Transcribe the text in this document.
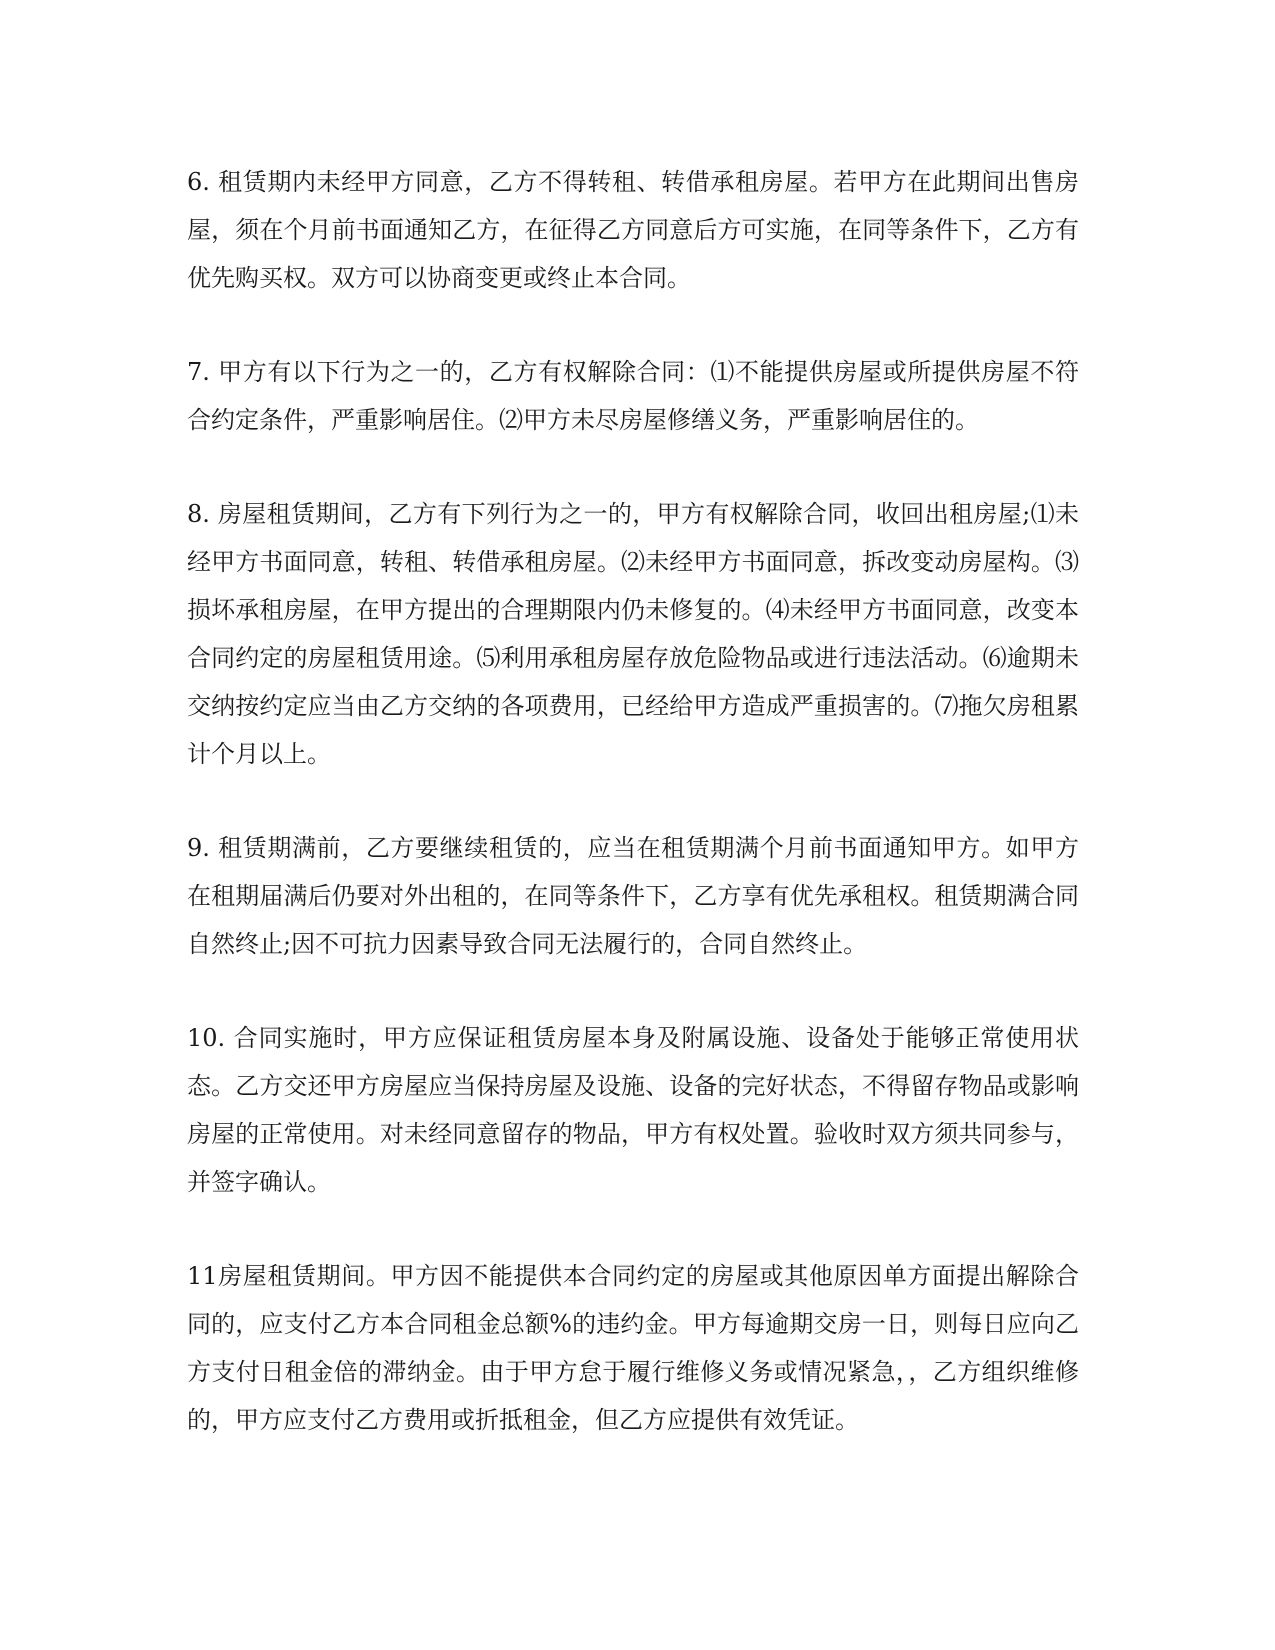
6. 租赁期内未经甲方同意，乙方不得转租、转借承租房屋。若甲方在此期间出售房屋，须在个月前书面通知乙方，在征得乙方同意后方可实施，在同等条件下，乙方有优先购买权。双方可以协商变更或终止本合同。

7. 甲方有以下行为之一的，乙方有权解除合同：⑴不能提供房屋或所提供房屋不符合约定条件，严重影响居住。⑵甲方未尽房屋修缮义务，严重影响居住的。

8. 房屋租赁期间，乙方有下列行为之一的，甲方有权解除合同，收回出租房屋;⑴未经甲方书面同意，转租、转借承租房屋。⑵未经甲方书面同意，拆改变动房屋构。⑶损坏承租房屋，在甲方提出的合理期限内仍未修复的。⑷未经甲方书面同意，改变本合同约定的房屋租赁用途。⑸利用承租房屋存放危险物品或进行违法活动。⑹逾期未交纳按约定应当由乙方交纳的各项费用，已经给甲方造成严重损害的。⑺拖欠房租累计个月以上。

9. 租赁期满前，乙方要继续租赁的，应当在租赁期满个月前书面通知甲方。如甲方在租期届满后仍要对外出租的，在同等条件下，乙方享有优先承租权。租赁期满合同自然终止;因不可抗力因素导致合同无法履行的，合同自然终止。

10. 合同实施时，甲方应保证租赁房屋本身及附属设施、设备处于能够正常使用状态。乙方交还甲方房屋应当保持房屋及设施、设备的完好状态，不得留存物品或影响房屋的正常使用。对未经同意留存的物品，甲方有权处置。验收时双方须共同参与，并签字确认。

11房屋租赁期间。甲方因不能提供本合同约定的房屋或其他原因单方面提出解除合同的，应支付乙方本合同租金总额%的违约金。甲方每逾期交房一日，则每日应向乙方支付日租金倍的滞纳金。由于甲方怠于履行维修义务或情况紧急，，乙方组织维修的，甲方应支付乙方费用或折抵租金，但乙方应提供有效凭证。
